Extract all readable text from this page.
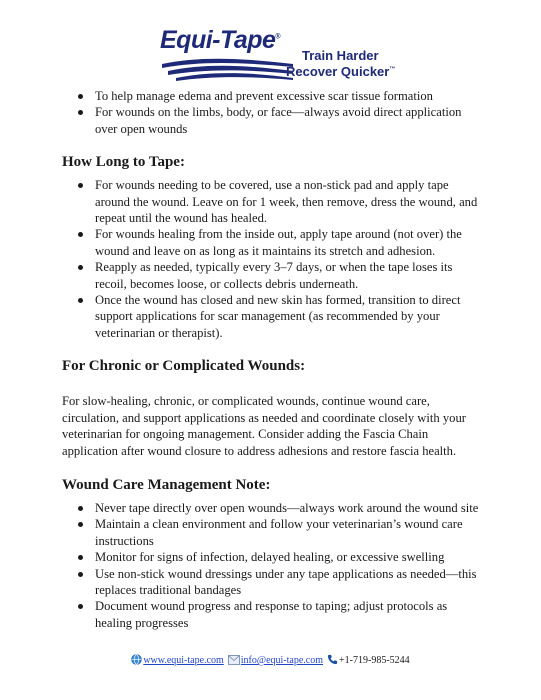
Equi-Tape®
Train Harder
Recover Quicker™
To help manage edema and prevent excessive scar tissue formation
For wounds on the limbs, body, or face—always avoid direct application over open wounds
How Long to Tape:
For wounds needing to be covered, use a non-stick pad and apply tape around the wound. Leave on for 1 week, then remove, dress the wound, and repeat until the wound has healed.
For wounds healing from the inside out, apply tape around (not over) the wound and leave on as long as it maintains its stretch and adhesion.
Reapply as needed, typically every 3–7 days, or when the tape loses its recoil, becomes loose, or collects debris underneath.
Once the wound has closed and new skin has formed, transition to direct support applications for scar management (as recommended by your veterinarian or therapist).
For Chronic or Complicated Wounds:

For slow-healing, chronic, or complicated wounds, continue wound care, circulation, and support applications as needed and coordinate closely with your veterinarian for ongoing management. Consider adding the Fascia Chain application after wound closure to address adhesions and restore fascia health.

Wound Care Management Note:
Never tape directly over open wounds—always work around the wound site
Maintain a clean environment and follow your veterinarian’s wound care instructions
Monitor for signs of infection, delayed healing, or excessive swelling
Use non-stick wound dressings under any tape applications as needed—this replaces traditional bandages
Document wound progress and response to taping; adjust protocols as healing progresses
www.equi-tape.com info@equi-tape.com +1-719-985-5244
